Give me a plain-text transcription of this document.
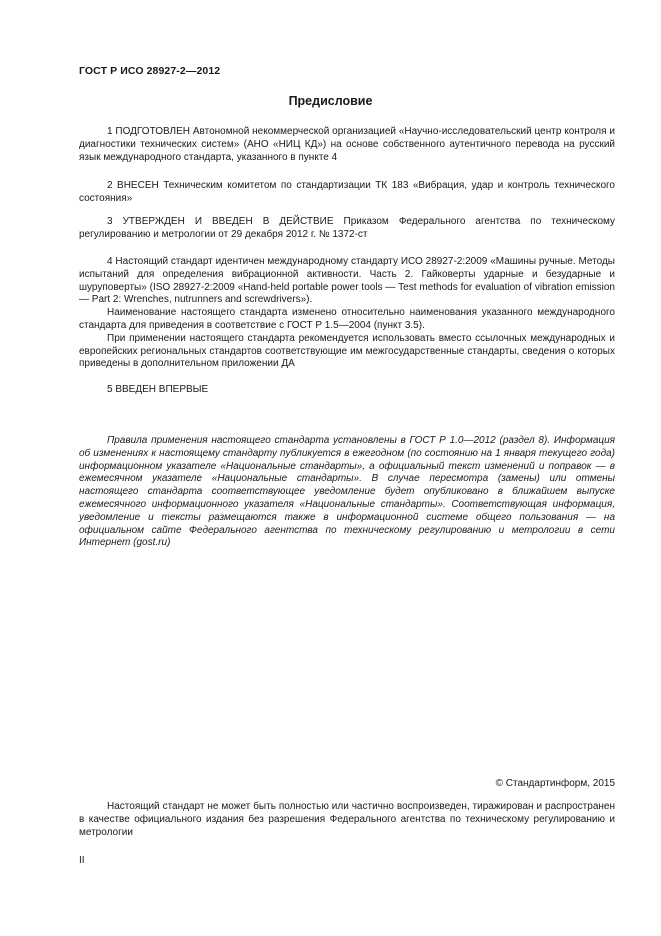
ГОСТ Р ИСО 28927-2—2012
Предисловие

1 ПОДГОТОВЛЕН Автономной некоммерческой организацией «Научно-исследовательский центр контроля и диагностики технических систем» (АНО «НИЦ КД») на основе собственного аутентичного перевода на русский язык международного стандарта, указанного в пункте 4

2 ВНЕСЕН Техническим комитетом по стандартизации ТК 183 «Вибрация, удар и контроль технического состояния»

3 УТВЕРЖДЕН И ВВЕДЕН В ДЕЙСТВИЕ Приказом Федерального агентства по техническому регулированию и метрологии от 29 декабря 2012 г. № 1372-ст

4 Настоящий стандарт идентичен международному стандарту ИСО 28927-2:2009 «Машины ручные. Методы испытаний для определения вибрационной активности. Часть 2. Гайковерты ударные и безударные и шуруповерты» (ISO 28927-2:2009 «Hand-held portable power tools — Test methods for evaluation of vibration emission — Part 2: Wrenches, nutrunners and screwdrivers»).

Наименование настоящего стандарта изменено относительно наименования указанного международного стандарта для приведения в соответствие с ГОСТ Р 1.5—2004 (пункт 3.5).

При применении настоящего стандарта рекомендуется использовать вместо ссылочных международных и европейских региональных стандартов соответствующие им межгосударственные стандарты, сведения о которых приведены в дополнительном приложении ДА

5 ВВЕДЕН ВПЕРВЫЕ

Правила применения настоящего стандарта установлены в ГОСТ Р 1.0—2012 (раздел 8). Информация об изменениях к настоящему стандарту публикуется в ежегодном (по состоянию на 1 января текущего года) информационном указателе «Национальные стандарты», а официальный текст изменений и поправок — в ежемесячном указателе «Национальные стандарты». В случае пересмотра (замены) или отмены настоящего стандарта соответствующее уведомление будет опубликовано в ближайшем выпуске ежемесячного информационного указателя «Национальные стандарты». Соответствующая информация, уведомление и тексты размещаются также в информационной системе общего пользования — на официальном сайте Федерального агентства по техническому регулированию и метрологии в сети Интернет (gost.ru)

© Стандартинформ, 2015

Настоящий стандарт не может быть полностью или частично воспроизведен, тиражирован и распространен в качестве официального издания без разрешения Федерального агентства по техническому регулированию и метрологии

II
